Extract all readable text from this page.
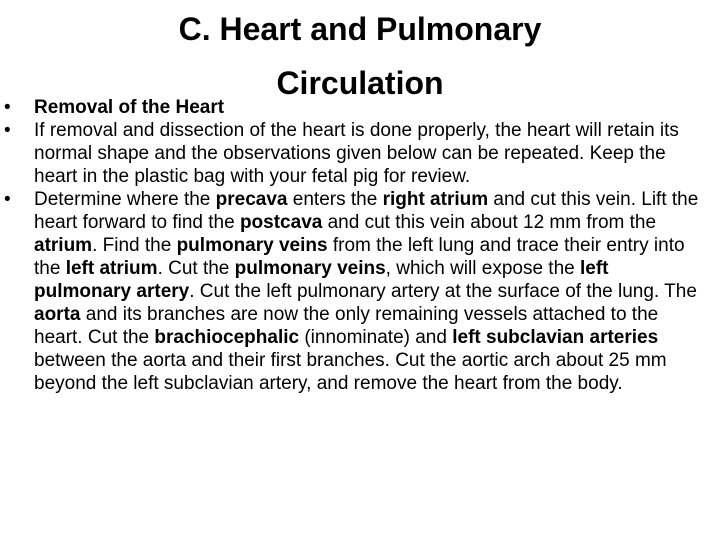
C. Heart and Pulmonary
Circulation
• Removal of the Heart
• If removal and dissection of the heart is done properly, the heart will retain its normal shape and the observations given below can be repeated. Keep the heart in the plastic bag with your fetal pig for review.
• Determine where the precava enters the right atrium and cut this vein. Lift the heart forward to find the postcava and cut this vein about 12 mm from the atrium. Find the pulmonary veins from the left lung and trace their entry into the left atrium. Cut the pulmonary veins, which will expose the left pulmonary artery. Cut the left pulmonary artery at the surface of the lung. The aorta and its branches are now the only remaining vessels attached to the heart. Cut the brachiocephalic (innominate) and left subclavian arteries between the aorta and their first branches. Cut the aortic arch about 25 mm beyond the left subclavian artery, and remove the heart from the body.
